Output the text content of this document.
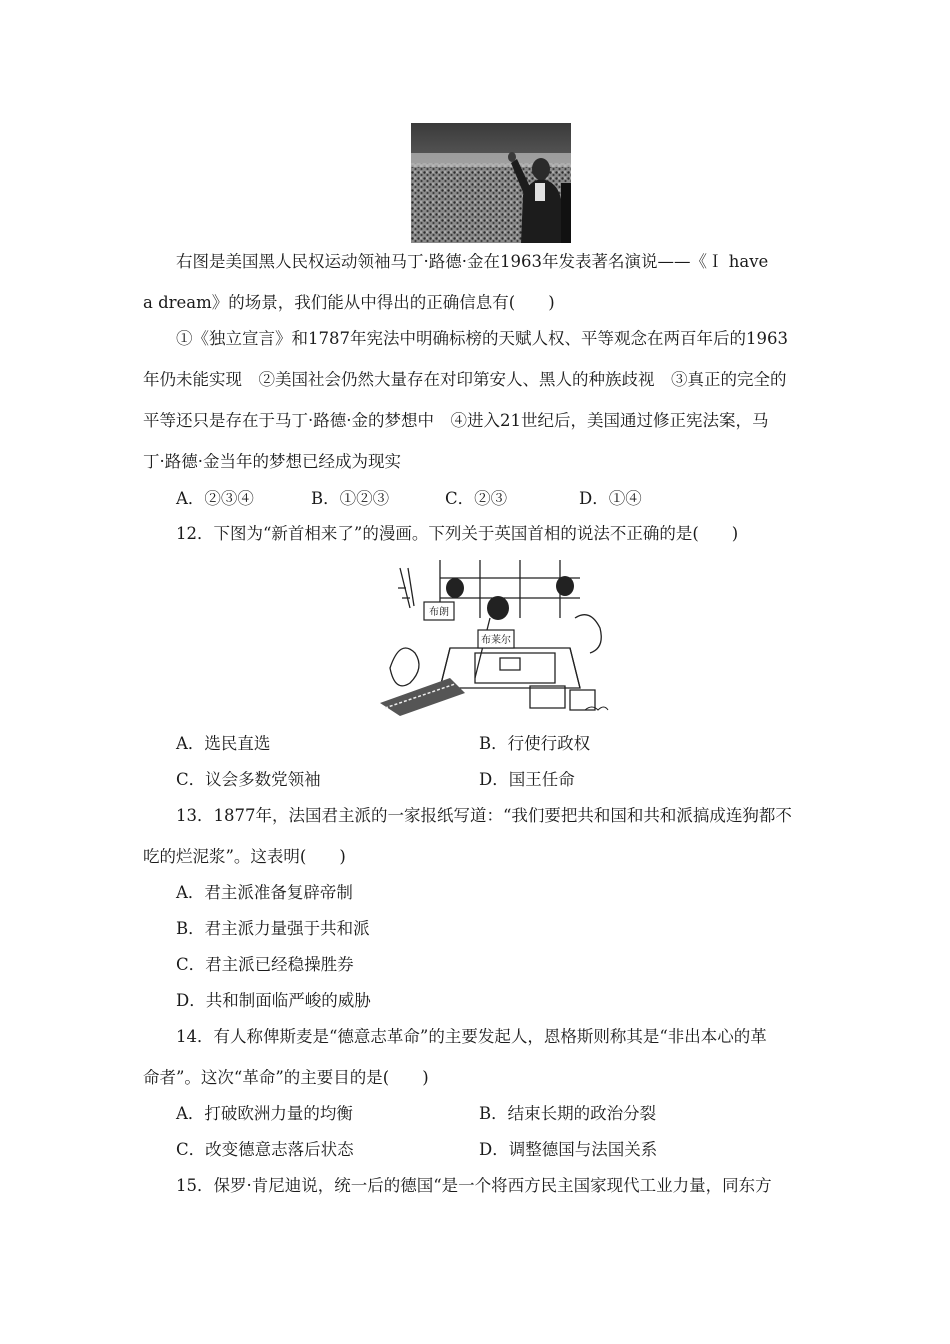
右图是美国黑人民权运动领袖马丁·路德·金在1963年发表著名演说——《Ｉ have
a dream》的场景，我们能从中得出的正确信息有(　　)
①《独立宣言》和1787年宪法中明确标榜的天赋人权、平等观念在两百年后的1963
年仍未能实现　②美国社会仍然大量存在对印第安人、黑人的种族歧视　③真正的完全的
平等还只是存在于马丁·路德·金的梦想中　④进入21世纪后，美国通过修正宪法案，马
丁·路德·金当年的梦想已经成为现实
A．②③④	B．①②③	C．②③	D．①④
12．下图为“新首相来了”的漫画。下列关于英国首相的说法不正确的是(　　)
布朗
布莱尔
A．选民直选	B．行使行政权
C．议会多数党领袖	D．国王任命
13．1877年，法国君主派的一家报纸写道：“我们要把共和国和共和派搞成连狗都不
吃的烂泥浆”。这表明(　　)
A．君主派准备复辟帝制
B．君主派力量强于共和派
C．君主派已经稳操胜券
D．共和制面临严峻的威胁
14．有人称俾斯麦是“德意志革命”的主要发起人，恩格斯则称其是“非出本心的革
命者”。这次“革命”的主要目的是(　　)
A．打破欧洲力量的均衡	B．结束长期的政治分裂
C．改变德意志落后状态	D．调整德国与法国关系
15．保罗·肯尼迪说，统一后的德国“是一个将西方民主国家现代工业力量，同东方
